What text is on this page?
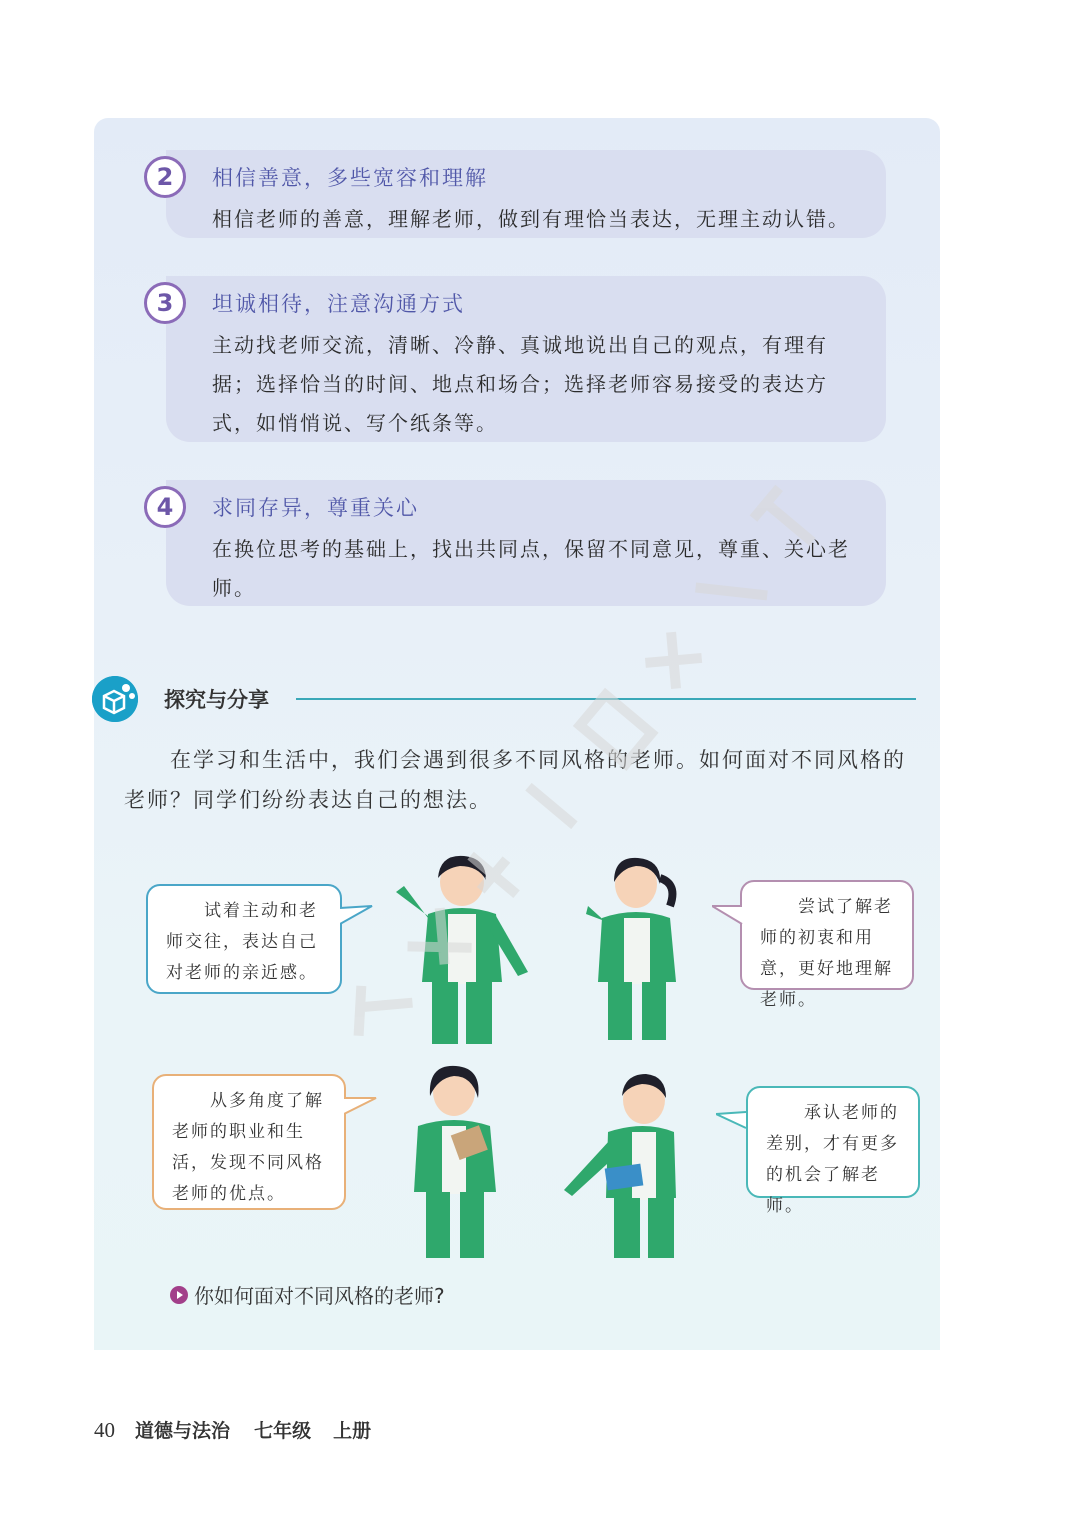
2	相信善意，多些宽容和理解
相信老师的善意，理解老师，做到有理恰当表达，无理主动认错。
3	坦诚相待，注意沟通方式
主动找老师交流，清晰、冷静、真诚地说出自己的观点，有理有据；选择恰当的时间、地点和场合；选择老师容易接受的表达方式，如悄悄说、写个纸条等。
4	求同存异，尊重关心
在换位思考的基础上，找出共同点，保留不同意见，尊重、关心老师。
探究与分享
在学习和生活中，我们会遇到很多不同风格的老师。如何面对不同风格的老师？同学们纷纷表达自己的想法。
试着主动和老师交往，表达自己对老师的亲近感。
尝试了解老师的初衷和用意，更好地理解老师。
从多角度了解老师的职业和生活，发现不同风格老师的优点。
承认老师的差别，才有更多的机会了解老师。
你如何面对不同风格的老师?
40 道德与法治 七年级 上册
